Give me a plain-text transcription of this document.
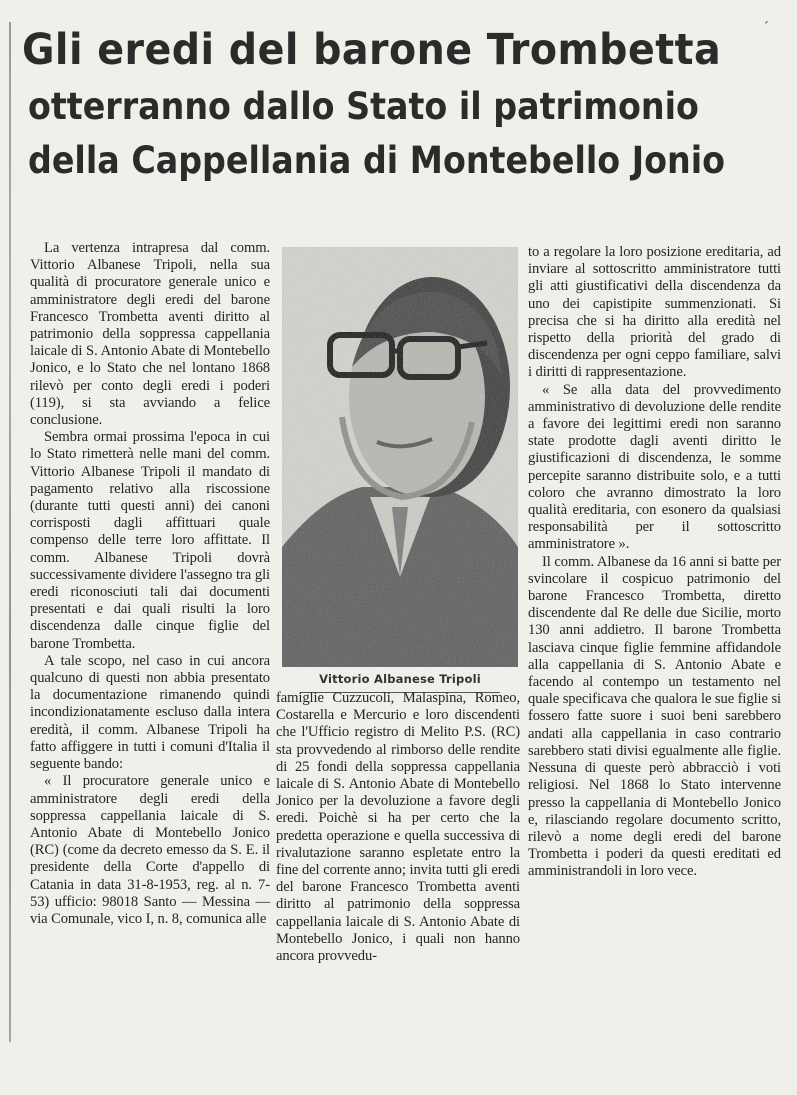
´
Gli eredi del barone Trombetta
otterranno dallo Stato il patrimonio
della Cappellania di Montebello Jonio

La vertenza intrapresa dal comm. Vittorio Albanese Tripoli, nella sua qualità di procuratore generale unico e amministratore degli eredi del barone Francesco Trombetta aventi diritto al patrimonio della soppressa cappellania laicale di S. Antonio Abate di Montebello Jonico, e lo Stato che nel lontano 1868 rilevò per conto degli eredi i poderi (119), si sta avviando a felice conclusione.

Sembra ormai prossima l'epoca in cui lo Stato rimetterà nelle mani del comm. Vittorio Albanese Tripoli il mandato di pagamento relativo alla riscossione (durante tutti questi anni) dei canoni corrisposti dagli affittuari quale compenso delle terre loro affittate. Il comm. Albanese Tripoli dovrà successivamente dividere l'assegno tra gli eredi riconosciuti tali dai documenti presentati e dai quali risulti la loro discendenza dalle cinque figlie del barone Trombetta.

A tale scopo, nel caso in cui ancora qualcuno di questi non abbia presentato la documentazione rimanendo quindi incondizionatamente escluso dalla intera eredità, il comm. Albanese Tripoli ha fatto affiggere in tutti i comuni d'Italia il seguente bando:

« Il procuratore generale unico e amministratore degli eredi della soppressa cappellania laicale di S. Antonio Abate di Montebello Jonico (RC) (come da decreto emesso da S. E. il presidente della Corte d'appello di Catania in data 31-8-1953, reg. al n. 7-53) ufficio: 98018 Santo — Messina — via Comunale, vico I, n. 8, comunica alle

Vittorio Albanese Tripoli

famiglie Cuzzucoli, Malaspina, Romeo, Costarella e Mercurio e loro discendenti che l'Ufficio registro di Melito P.S. (RC) sta provvedendo al rimborso delle rendite di 25 fondi della soppressa cappellania laicale di S. Antonio Abate di Montebello Jonico per la devoluzione a favore degli eredi. Poichè si ha per certo che la predetta operazione e quella successiva di rivalutazione saranno espletate entro la fine del corrente anno; invita tutti gli eredi del barone Francesco Trombetta aventi diritto al patrimonio della soppressa cappellania laicale di S. Antonio Abate di Montebello Jonico, i quali non hanno ancora provvedu-

to a regolare la loro posizione ereditaria, ad inviare al sottoscritto amministratore tutti gli atti giustificativi della discendenza da uno dei capistipite summenzionati. Si precisa che si ha diritto alla eredità nel rispetto della priorità del grado di discendenza per ogni ceppo familiare, salvi i diritti di rappresentazione.

« Se alla data del provvedimento amministrativo di devoluzione delle rendite a favore dei legittimi eredi non saranno state prodotte dagli aventi diritto le giustificazioni di discendenza, le somme percepite saranno distribuite solo, e a tutti coloro che avranno dimostrato la loro qualità ereditaria, con esonero da qualsiasi responsabilità per il sottoscritto amministratore ».

Il comm. Albanese da 16 anni si batte per svincolare il cospicuo patrimonio del barone Francesco Trombetta, diretto discendente dal Re delle due Sicilie, morto 130 anni addietro. Il barone Trombetta lasciava cinque figlie femmine affidandole alla cappellania di S. Antonio Abate e facendo al contempo un testamento nel quale specificava che qualora le sue figlie si fossero fatte suore i suoi beni sarebbero andati alla cappellania in caso contrario sarebbero stati divisi egualmente alle figlie. Nessuna di queste però abbracciò i voti religiosi. Nel 1868 lo Stato intervenne presso la cappellania di Montebello Jonico e, rilasciando regolare documento scritto, rilevò a nome degli eredi del barone Trombetta i poderi da questi ereditati ed amministrandoli in loro vece.
